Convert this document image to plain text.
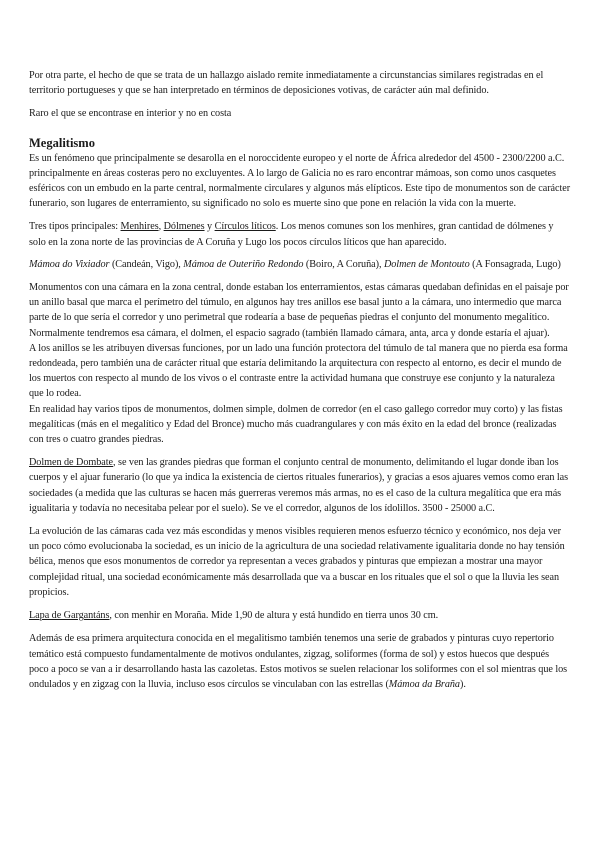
Por otra parte, el hecho de que se trata de un hallazgo aislado remite inmediatamente a circunstancias similares registradas en el territorio portugueses y que se han interpretado en términos de deposiciones votivas, de carácter aún mal definido.

Raro el que se encontrase en interior y no en costa

Megalitismo

Es un fenómeno que principalmente se desarolla en el noroccidente europeo y el norte de África alrededor del 4500 - 2300/2200 a.C. principalmente en áreas costeras pero no excluyentes. A lo largo de Galicia no es raro encontrar mámoas, son como unos casquetes esféricos con un embudo en la parte central, normalmente circulares y algunos más elípticos. Este tipo de monumentos son de carácter funerario, son lugares de enterramiento, su significado no solo es muerte sino que pone en relación la vida con la muerte.

Tres tipos principales: Menhires, Dólmenes y Círculos líticos. Los menos comunes son los menhires, gran cantidad de dólmenes y solo en la zona norte de las provincias de A Coruña y Lugo los pocos círculos líticos que han aparecido.

Mámoa do Vixiador (Candeán, Vigo), Mámoa de Outeriño Redondo (Boiro, A Coruña), Dolmen de Montouto (A Fonsagrada, Lugo)

Monumentos con una cámara en la zona central, donde estaban los enterramientos, estas cámaras quedaban definidas en el paisaje por un anillo basal que marca el perímetro del túmulo, en algunos hay tres anillos ese basal junto a la cámara, uno intermedio que marca parte de lo que sería el corredor y uno perimetral que rodearía a base de pequeñas piedras el conjunto del monumento megalítico. Normalmente tendremos esa cámara, el dolmen, el espacio sagrado (también llamado cámara, anta, arca y donde estaría el ajuar).

A los anillos se les atribuyen diversas funciones, por un lado una función protectora del túmulo de tal manera que no pierda esa forma redondeada, pero también una de carácter ritual que estaría delimitando la arquitectura con respecto al entorno, es decir el mundo de los muertos con respecto al mundo de los vivos o el contraste entre la actividad humana que construye ese conjunto y la naturaleza que lo rodea.

En realidad hay varios tipos de monumentos, dolmen simple, dolmen de corredor (en el caso gallego corredor muy corto) y las fistas megalíticas (más en el megalítico y Edad del Bronce) mucho más cuadrangulares y con más éxito en la edad del bronce (realizadas con tres o cuatro grandes piedras.

Dolmen de Dombate, se ven las grandes piedras que forman el conjunto central de monumento, delimitando el lugar donde iban los cuerpos y el ajuar funerario (lo que ya indica la existencia de ciertos rituales funerarios), y gracias a esos ajuares vemos como eran las sociedades (a medida que las culturas se hacen más guerreras veremos más armas, no es el caso de la cultura megalítica que era más igualitaria y todavía no necesitaba pelear por el suelo). Se ve el corredor, algunos de los ídolillos. 3500 - 25000 a.C.

La evolución de las cámaras cada vez más escondidas y menos visibles requieren menos esfuerzo técnico y económico, nos deja ver un poco cómo evolucionaba la sociedad, es un inicio de la agricultura de una sociedad relativamente igualitaria donde no hay tensión bélica, menos que esos monumentos de corredor ya representan a veces grabados y pinturas que empiezan a mostrar una mayor complejidad ritual, una sociedad económicamente más desarrollada que va a buscar en los rituales que el sol o que la lluvia les sean propicios.

Lapa de Gargantáns, con menhir en Moraña. Mide 1,90 de altura y está hundido en tierra unos 30 cm.

Además de esa primera arquitectura conocida en el megalitismo también tenemos una serie de grabados y pinturas cuyo repertorio temático está compuesto fundamentalmente de motivos ondulantes, zigzag, soliformes (forma de sol) y estos huecos que después poco a poco se van a ir desarrollando hasta las cazoletas. Estos motivos se suelen relacionar los soliformes con el sol mientras que los ondulados y en zigzag con la lluvia, incluso esos círculos se vinculaban con las estrellas (Mámoa da Braña).
